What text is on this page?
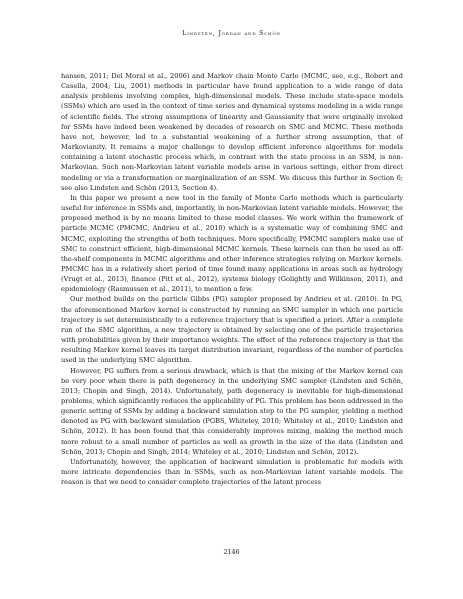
Lindsten, Jordan and Schön

hansen, 2011; Del Moral et al., 2006) and Markov chain Monte Carlo (MCMC, see, e.g., Robert and Casella, 2004; Liu, 2001) methods in particular have found application to a wide range of data analysis problems involving complex, high-dimensional models. These include state-space models (SSMs) which are used in the context of time series and dynamical systems modeling in a wide range of scientific fields. The strong assumptions of linearity and Gaussianity that were originally invoked for SSMs have indeed been weakened by decades of research on SMC and MCMC. These methods have not, however, led to a substantial weakening of a further strong assumption, that of Markovianity. It remains a major challenge to develop efficient inference algorithms for models containing a latent stochastic process which, in contrast with the state process in an SSM, is non-Markovian. Such non-Markovian latent variable models arise in various settings, either from direct modeling or via a transformation or marginalization of an SSM. We discuss this further in Section 6; see also Lindsten and Schön (2013, Section 4).

In this paper we present a new tool in the family of Monte Carlo methods which is particularly useful for inference in SSMs and, importantly, in non-Markovian latent variable models. However, the proposed method is by no means limited to these model classes. We work within the framework of particle MCMC (PMCMC, Andrieu et al., 2010) which is a systematic way of combining SMC and MCMC, exploiting the strengths of both techniques. More specifically, PMCMC samplers make use of SMC to construct efficient, high-dimensional MCMC kernels. These kernels can then be used as off-the-shelf components in MCMC algorithms and other inference strategies relying on Markov kernels. PMCMC has in a relatively short period of time found many applications in areas such as hydrology (Vrugt et al., 2013), finance (Pitt et al., 2012), systems biology (Golightly and Wilkinson, 2011), and epidemiology (Rasmussen et al., 2011), to mention a few.

Our method builds on the particle Gibbs (PG) sampler proposed by Andrieu et al. (2010). In PG, the aforementioned Markov kernel is constructed by running an SMC sampler in which one particle trajectory is set deterministically to a reference trajectory that is specified a priori. After a complete run of the SMC algorithm, a new trajectory is obtained by selecting one of the particle trajectories with probabilities given by their importance weights. The effect of the reference trajectory is that the resulting Markov kernel leaves its target distribution invariant, regardless of the number of particles used in the underlying SMC algorithm.

However, PG suffers from a serious drawback, which is that the mixing of the Markov kernel can be very poor when there is path degeneracy in the underlying SMC sampler (Lindsten and Schön, 2013; Chopin and Singh, 2014). Unfortunately, path degeneracy is inevitable for high-dimensional problems, which significantly reduces the applicability of PG. This problem has been addressed in the generic setting of SSMs by adding a backward simulation step to the PG sampler, yielding a method denoted as PG with backward simulation (PGBS, Whiteley, 2010; Whiteley et al., 2010; Lindsten and Schön, 2012). It has been found that this considerably improves mixing, making the method much more robust to a small number of particles as well as growth in the size of the data (Lindsten and Schön, 2013; Chopin and Singh, 2014; Whiteley et al., 2010; Lindsten and Schön, 2012).

Unfortunately, however, the application of backward simulation is problematic for models with more intricate dependencies than in SSMs, such as non-Markovian latent variable models. The reason is that we need to consider complete trajectories of the latent process

2146
